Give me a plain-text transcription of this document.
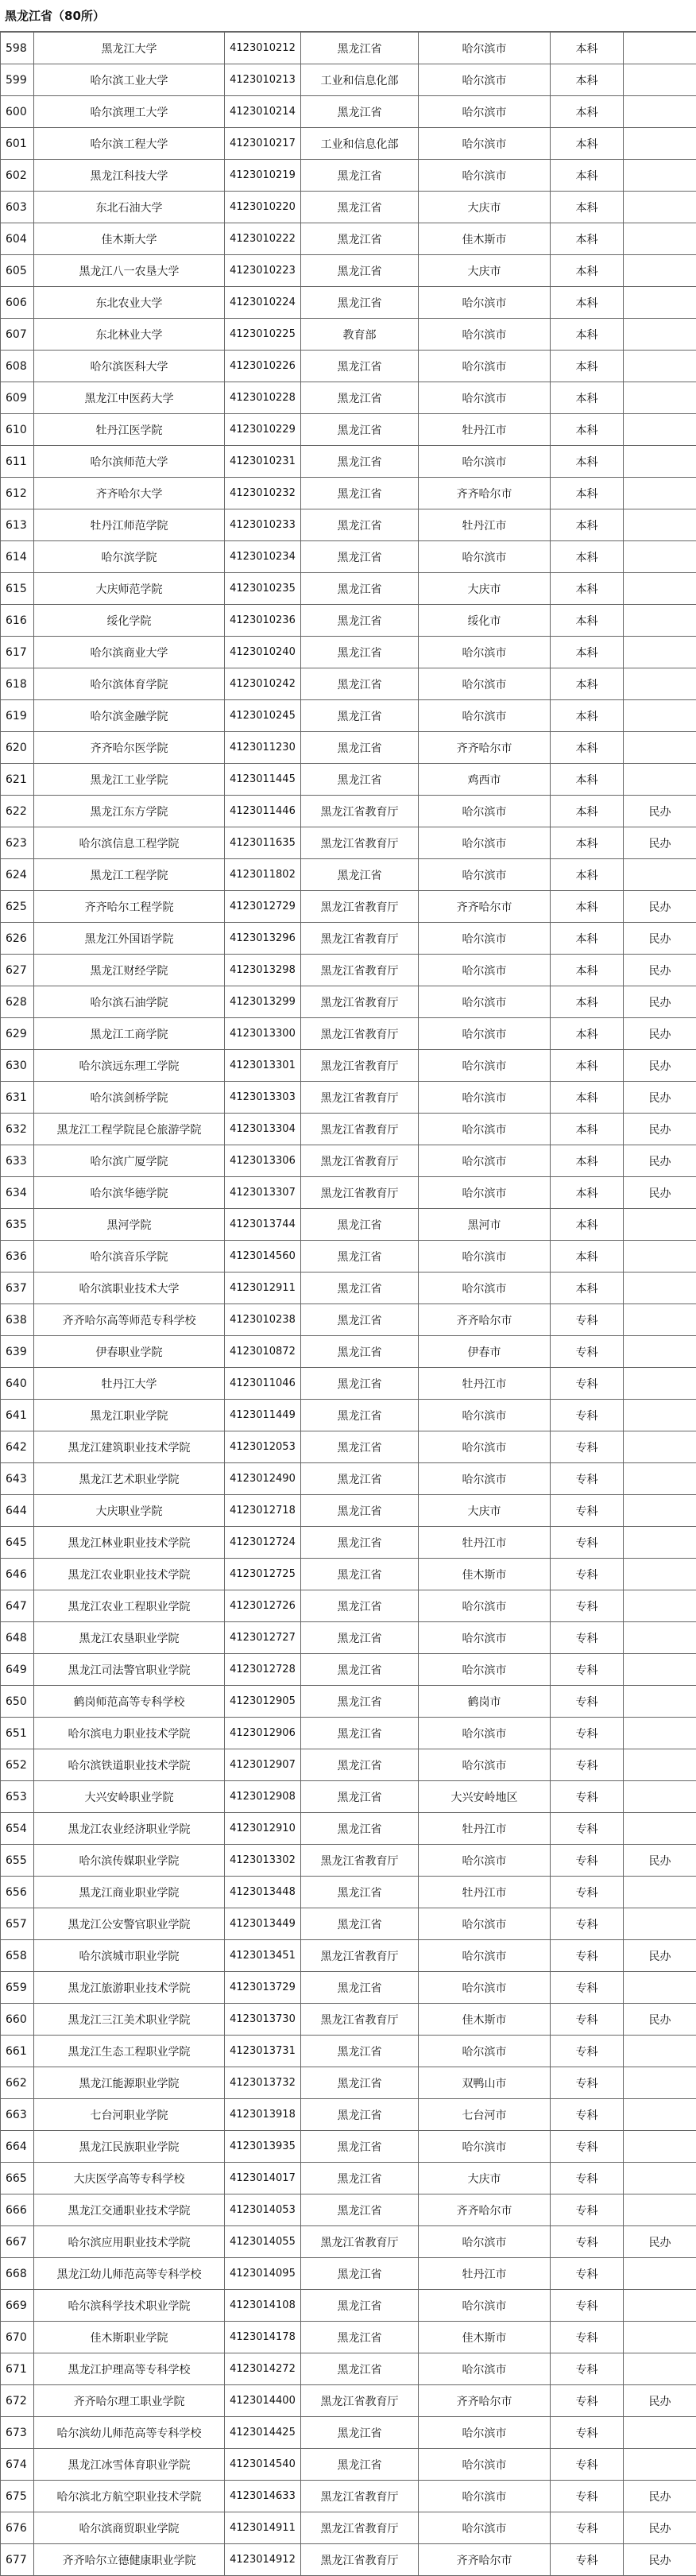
黑龙江省（80所）
598	黑龙江大学	4123010212	黑龙江省	哈尔滨市	本科	
599	哈尔滨工业大学	4123010213	工业和信息化部	哈尔滨市	本科	
600	哈尔滨理工大学	4123010214	黑龙江省	哈尔滨市	本科	
601	哈尔滨工程大学	4123010217	工业和信息化部	哈尔滨市	本科	
602	黑龙江科技大学	4123010219	黑龙江省	哈尔滨市	本科	
603	东北石油大学	4123010220	黑龙江省	大庆市	本科	
604	佳木斯大学	4123010222	黑龙江省	佳木斯市	本科	
605	黑龙江八一农垦大学	4123010223	黑龙江省	大庆市	本科	
606	东北农业大学	4123010224	黑龙江省	哈尔滨市	本科	
607	东北林业大学	4123010225	教育部	哈尔滨市	本科	
608	哈尔滨医科大学	4123010226	黑龙江省	哈尔滨市	本科	
609	黑龙江中医药大学	4123010228	黑龙江省	哈尔滨市	本科	
610	牡丹江医学院	4123010229	黑龙江省	牡丹江市	本科	
611	哈尔滨师范大学	4123010231	黑龙江省	哈尔滨市	本科	
612	齐齐哈尔大学	4123010232	黑龙江省	齐齐哈尔市	本科	
613	牡丹江师范学院	4123010233	黑龙江省	牡丹江市	本科	
614	哈尔滨学院	4123010234	黑龙江省	哈尔滨市	本科	
615	大庆师范学院	4123010235	黑龙江省	大庆市	本科	
616	绥化学院	4123010236	黑龙江省	绥化市	本科	
617	哈尔滨商业大学	4123010240	黑龙江省	哈尔滨市	本科	
618	哈尔滨体育学院	4123010242	黑龙江省	哈尔滨市	本科	
619	哈尔滨金融学院	4123010245	黑龙江省	哈尔滨市	本科	
620	齐齐哈尔医学院	4123011230	黑龙江省	齐齐哈尔市	本科	
621	黑龙江工业学院	4123011445	黑龙江省	鸡西市	本科	
622	黑龙江东方学院	4123011446	黑龙江省教育厅	哈尔滨市	本科	民办
623	哈尔滨信息工程学院	4123011635	黑龙江省教育厅	哈尔滨市	本科	民办
624	黑龙江工程学院	4123011802	黑龙江省	哈尔滨市	本科	
625	齐齐哈尔工程学院	4123012729	黑龙江省教育厅	齐齐哈尔市	本科	民办
626	黑龙江外国语学院	4123013296	黑龙江省教育厅	哈尔滨市	本科	民办
627	黑龙江财经学院	4123013298	黑龙江省教育厅	哈尔滨市	本科	民办
628	哈尔滨石油学院	4123013299	黑龙江省教育厅	哈尔滨市	本科	民办
629	黑龙江工商学院	4123013300	黑龙江省教育厅	哈尔滨市	本科	民办
630	哈尔滨远东理工学院	4123013301	黑龙江省教育厅	哈尔滨市	本科	民办
631	哈尔滨剑桥学院	4123013303	黑龙江省教育厅	哈尔滨市	本科	民办
632	黑龙江工程学院昆仑旅游学院	4123013304	黑龙江省教育厅	哈尔滨市	本科	民办
633	哈尔滨广厦学院	4123013306	黑龙江省教育厅	哈尔滨市	本科	民办
634	哈尔滨华德学院	4123013307	黑龙江省教育厅	哈尔滨市	本科	民办
635	黑河学院	4123013744	黑龙江省	黑河市	本科	
636	哈尔滨音乐学院	4123014560	黑龙江省	哈尔滨市	本科	
637	哈尔滨职业技术大学	4123012911	黑龙江省	哈尔滨市	本科	
638	齐齐哈尔高等师范专科学校	4123010238	黑龙江省	齐齐哈尔市	专科	
639	伊春职业学院	4123010872	黑龙江省	伊春市	专科	
640	牡丹江大学	4123011046	黑龙江省	牡丹江市	专科	
641	黑龙江职业学院	4123011449	黑龙江省	哈尔滨市	专科	
642	黑龙江建筑职业技术学院	4123012053	黑龙江省	哈尔滨市	专科	
643	黑龙江艺术职业学院	4123012490	黑龙江省	哈尔滨市	专科	
644	大庆职业学院	4123012718	黑龙江省	大庆市	专科	
645	黑龙江林业职业技术学院	4123012724	黑龙江省	牡丹江市	专科	
646	黑龙江农业职业技术学院	4123012725	黑龙江省	佳木斯市	专科	
647	黑龙江农业工程职业学院	4123012726	黑龙江省	哈尔滨市	专科	
648	黑龙江农垦职业学院	4123012727	黑龙江省	哈尔滨市	专科	
649	黑龙江司法警官职业学院	4123012728	黑龙江省	哈尔滨市	专科	
650	鹤岗师范高等专科学校	4123012905	黑龙江省	鹤岗市	专科	
651	哈尔滨电力职业技术学院	4123012906	黑龙江省	哈尔滨市	专科	
652	哈尔滨铁道职业技术学院	4123012907	黑龙江省	哈尔滨市	专科	
653	大兴安岭职业学院	4123012908	黑龙江省	大兴安岭地区	专科	
654	黑龙江农业经济职业学院	4123012910	黑龙江省	牡丹江市	专科	
655	哈尔滨传媒职业学院	4123013302	黑龙江省教育厅	哈尔滨市	专科	民办
656	黑龙江商业职业学院	4123013448	黑龙江省	牡丹江市	专科	
657	黑龙江公安警官职业学院	4123013449	黑龙江省	哈尔滨市	专科	
658	哈尔滨城市职业学院	4123013451	黑龙江省教育厅	哈尔滨市	专科	民办
659	黑龙江旅游职业技术学院	4123013729	黑龙江省	哈尔滨市	专科	
660	黑龙江三江美术职业学院	4123013730	黑龙江省教育厅	佳木斯市	专科	民办
661	黑龙江生态工程职业学院	4123013731	黑龙江省	哈尔滨市	专科	
662	黑龙江能源职业学院	4123013732	黑龙江省	双鸭山市	专科	
663	七台河职业学院	4123013918	黑龙江省	七台河市	专科	
664	黑龙江民族职业学院	4123013935	黑龙江省	哈尔滨市	专科	
665	大庆医学高等专科学校	4123014017	黑龙江省	大庆市	专科	
666	黑龙江交通职业技术学院	4123014053	黑龙江省	齐齐哈尔市	专科	
667	哈尔滨应用职业技术学院	4123014055	黑龙江省教育厅	哈尔滨市	专科	民办
668	黑龙江幼儿师范高等专科学校	4123014095	黑龙江省	牡丹江市	专科	
669	哈尔滨科学技术职业学院	4123014108	黑龙江省	哈尔滨市	专科	
670	佳木斯职业学院	4123014178	黑龙江省	佳木斯市	专科	
671	黑龙江护理高等专科学校	4123014272	黑龙江省	哈尔滨市	专科	
672	齐齐哈尔理工职业学院	4123014400	黑龙江省教育厅	齐齐哈尔市	专科	民办
673	哈尔滨幼儿师范高等专科学校	4123014425	黑龙江省	哈尔滨市	专科	
674	黑龙江冰雪体育职业学院	4123014540	黑龙江省	哈尔滨市	专科	
675	哈尔滨北方航空职业技术学院	4123014633	黑龙江省教育厅	哈尔滨市	专科	民办
676	哈尔滨商贸职业学院	4123014911	黑龙江省教育厅	哈尔滨市	专科	民办
677	齐齐哈尔立德健康职业学院	4123014912	黑龙江省教育厅	齐齐哈尔市	专科	民办
